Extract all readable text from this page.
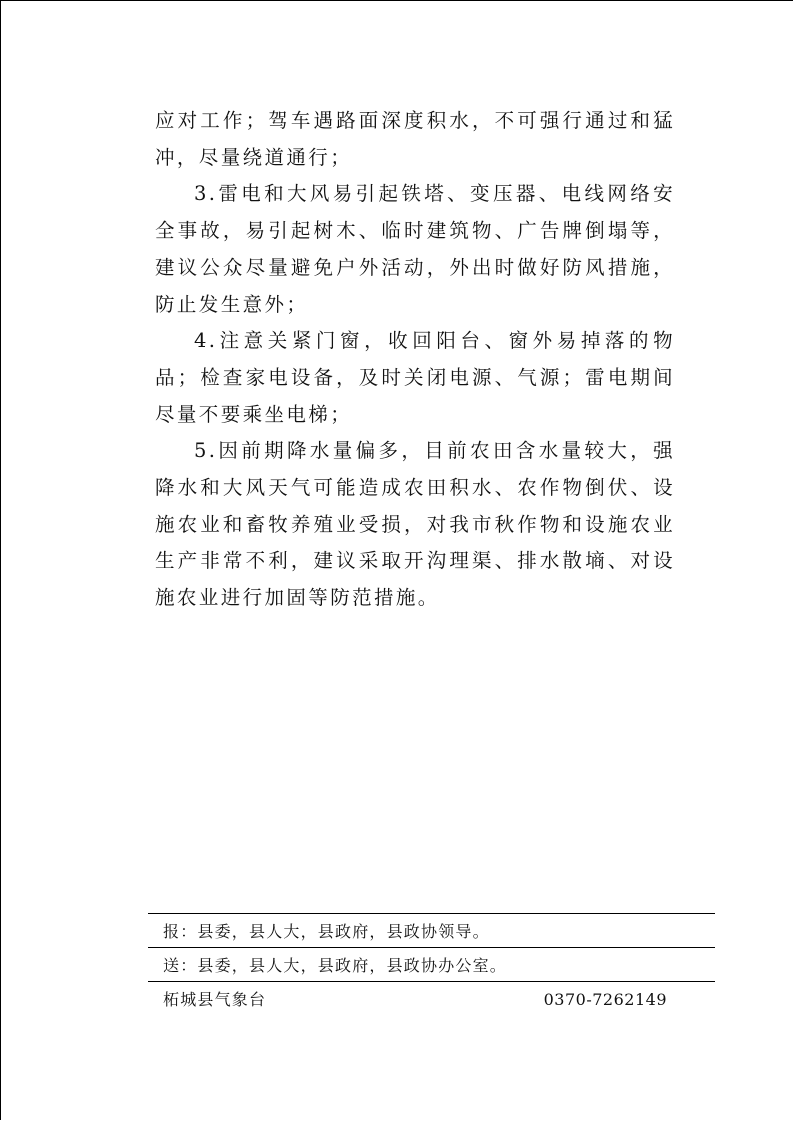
应对工作；驾车遇路面深度积水，不可强行通过和猛冲，尽量绕道通行；

3.雷电和大风易引起铁塔、变压器、电线网络安全事故，易引起树木、临时建筑物、广告牌倒塌等，建议公众尽量避免户外活动，外出时做好防风措施，防止发生意外；

4.注意关紧门窗，收回阳台、窗外易掉落的物品；检查家电设备，及时关闭电源、气源；雷电期间尽量不要乘坐电梯；

5.因前期降水量偏多，目前农田含水量较大，强降水和大风天气可能造成农田积水、农作物倒伏、设施农业和畜牧养殖业受损，对我市秋作物和设施农业生产非常不利，建议采取开沟理渠、排水散墒、对设施农业进行加固等防范措施。

报：县委，县人大，县政府，县政协领导。
送：县委，县人大，县政府，县政协办公室。
柘城县气象台	0370-7262149
